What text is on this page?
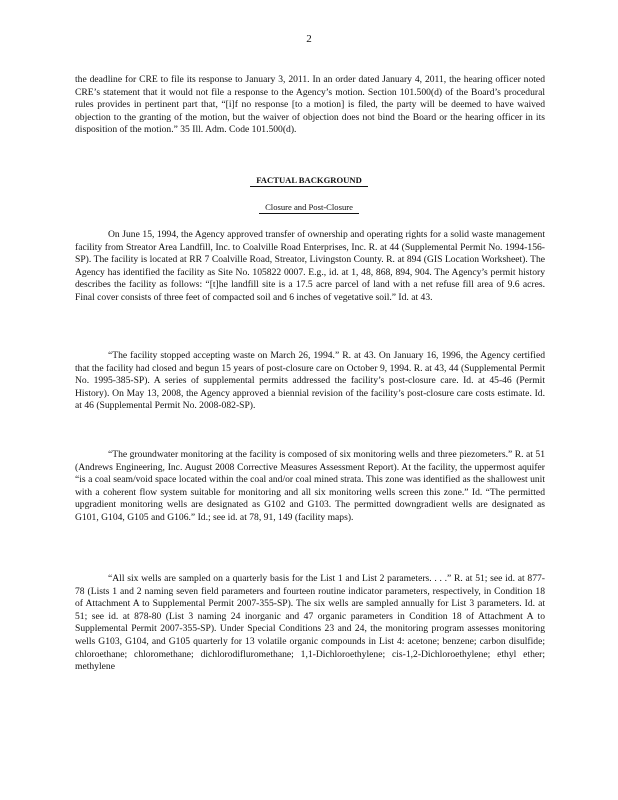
2

the deadline for CRE to file its response to January 3, 2011. In an order dated January 4, 2011, the hearing officer noted CRE’s statement that it would not file a response to the Agency’s motion. Section 101.500(d) of the Board’s procedural rules provides in pertinent part that, “[i]f no response [to a motion] is filed, the party will be deemed to have waived objection to the granting of the motion, but the waiver of objection does not bind the Board or the hearing officer in its disposition of the motion.” 35 Ill. Adm. Code 101.500(d).

FACTUAL BACKGROUND
Closure and Post-Closure

On June 15, 1994, the Agency approved transfer of ownership and operating rights for a solid waste management facility from Streator Area Landfill, Inc. to Coalville Road Enterprises, Inc. R. at 44 (Supplemental Permit No. 1994-156-SP). The facility is located at RR 7 Coalville Road, Streator, Livingston County. R. at 894 (GIS Location Worksheet). The Agency has identified the facility as Site No. 105822 0007. E.g., id. at 1, 48, 868, 894, 904. The Agency’s permit history describes the facility as follows: “[t]he landfill site is a 17.5 acre parcel of land with a net refuse fill area of 9.6 acres. Final cover consists of three feet of compacted soil and 6 inches of vegetative soil.” Id. at 43.

“The facility stopped accepting waste on March 26, 1994.” R. at 43. On January 16, 1996, the Agency certified that the facility had closed and begun 15 years of post-closure care on October 9, 1994. R. at 43, 44 (Supplemental Permit No. 1995-385-SP). A series of supplemental permits addressed the facility’s post-closure care. Id. at 45-46 (Permit History). On May 13, 2008, the Agency approved a biennial revision of the facility’s post-closure care costs estimate. Id. at 46 (Supplemental Permit No. 2008-082-SP).

“The groundwater monitoring at the facility is composed of six monitoring wells and three piezometers.” R. at 51 (Andrews Engineering, Inc. August 2008 Corrective Measures Assessment Report). At the facility, the uppermost aquifer “is a coal seam/void space located within the coal and/or coal mined strata. This zone was identified as the shallowest unit with a coherent flow system suitable for monitoring and all six monitoring wells screen this zone.” Id. “The permitted upgradient monitoring wells are designated as G102 and G103. The permitted downgradient wells are designated as G101, G104, G105 and G106.” Id.; see id. at 78, 91, 149 (facility maps).

“All six wells are sampled on a quarterly basis for the List 1 and List 2 parameters. . . .” R. at 51; see id. at 877-78 (Lists 1 and 2 naming seven field parameters and fourteen routine indicator parameters, respectively, in Condition 18 of Attachment A to Supplemental Permit 2007-355-SP). The six wells are sampled annually for List 3 parameters. Id. at 51; see id. at 878-80 (List 3 naming 24 inorganic and 47 organic parameters in Condition 18 of Attachment A to Supplemental Permit 2007-355-SP). Under Special Conditions 23 and 24, the monitoring program assesses monitoring wells G103, G104, and G105 quarterly for 13 volatile organic compounds in List 4: acetone; benzene; carbon disulfide; chloroethane; chloromethane; dichlorodifluromethane; 1,1-Dichloroethylene; cis-1,2-Dichloroethylene; ethyl ether; methylene
